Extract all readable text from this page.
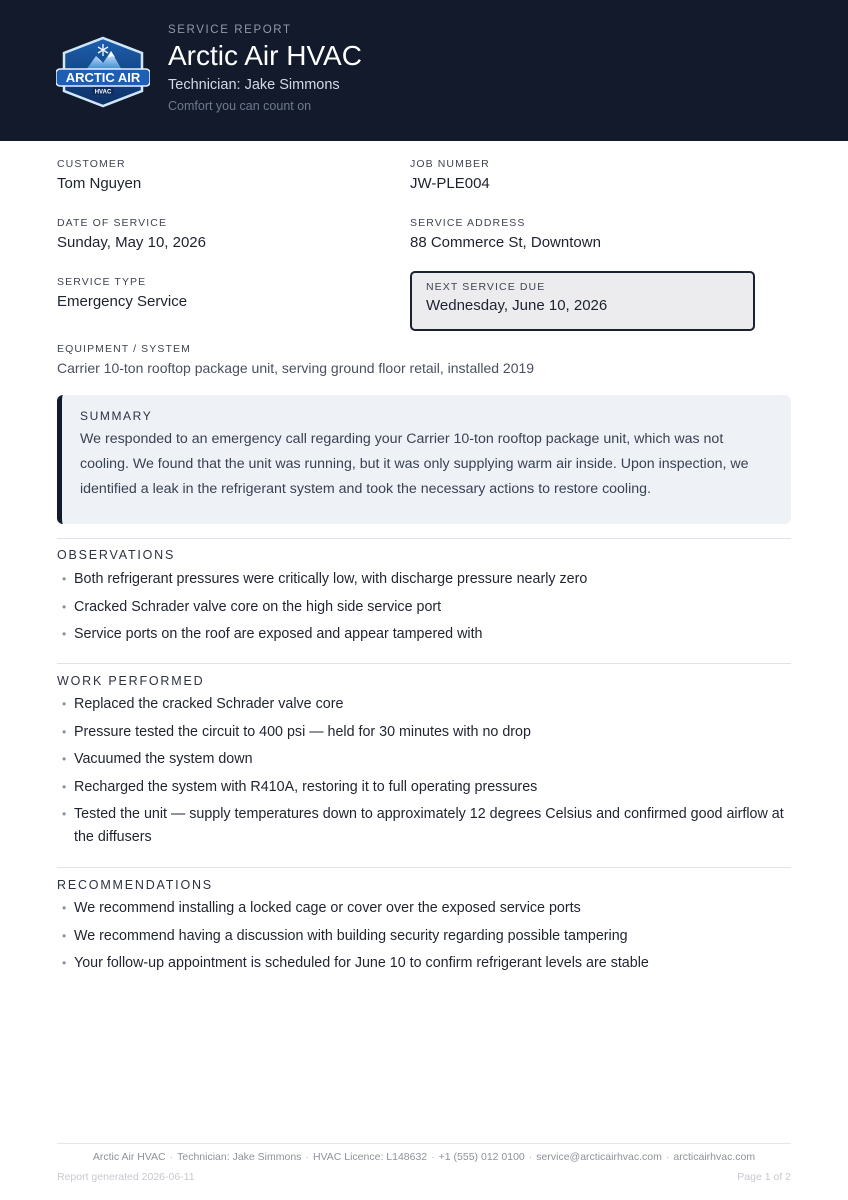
ARCTIC AIR
HVAC
SERVICE REPORT
Arctic Air HVAC
Technician: Jake Simmons
Comfort you can count on
CUSTOMER
Tom Nguyen
JOB NUMBER
JW-PLE004
DATE OF SERVICE
Sunday, May 10, 2026
SERVICE ADDRESS
88 Commerce St, Downtown
SERVICE TYPE
Emergency Service
NEXT SERVICE DUE
Wednesday, June 10, 2026
EQUIPMENT / SYSTEM
Carrier 10-ton rooftop package unit, serving ground floor retail, installed 2019
SUMMARY
We responded to an emergency call regarding your Carrier 10-ton rooftop package unit, which was not cooling. We found that the unit was running, but it was only supplying warm air inside. Upon inspection, we identified a leak in the refrigerant system and took the necessary actions to restore cooling.
OBSERVATIONS
• Both refrigerant pressures were critically low, with discharge pressure nearly zero
• Cracked Schrader valve core on the high side service port
• Service ports on the roof are exposed and appear tampered with
WORK PERFORMED
• Replaced the cracked Schrader valve core
• Pressure tested the circuit to 400 psi — held for 30 minutes with no drop
• Vacuumed the system down
• Recharged the system with R410A, restoring it to full operating pressures
• Tested the unit — supply temperatures down to approximately 12 degrees Celsius and confirmed good airflow at the diffusers
RECOMMENDATIONS
• We recommend installing a locked cage or cover over the exposed service ports
• We recommend having a discussion with building security regarding possible tampering
• Your follow-up appointment is scheduled for June 10 to confirm refrigerant levels are stable
Arctic Air HVAC · Technician: Jake Simmons · HVAC Licence: L148632 · +1 (555) 012 0100 · service@arcticairhvac.com · arcticairhvac.com
Report generated 2026-06-11	Page 1 of 2
